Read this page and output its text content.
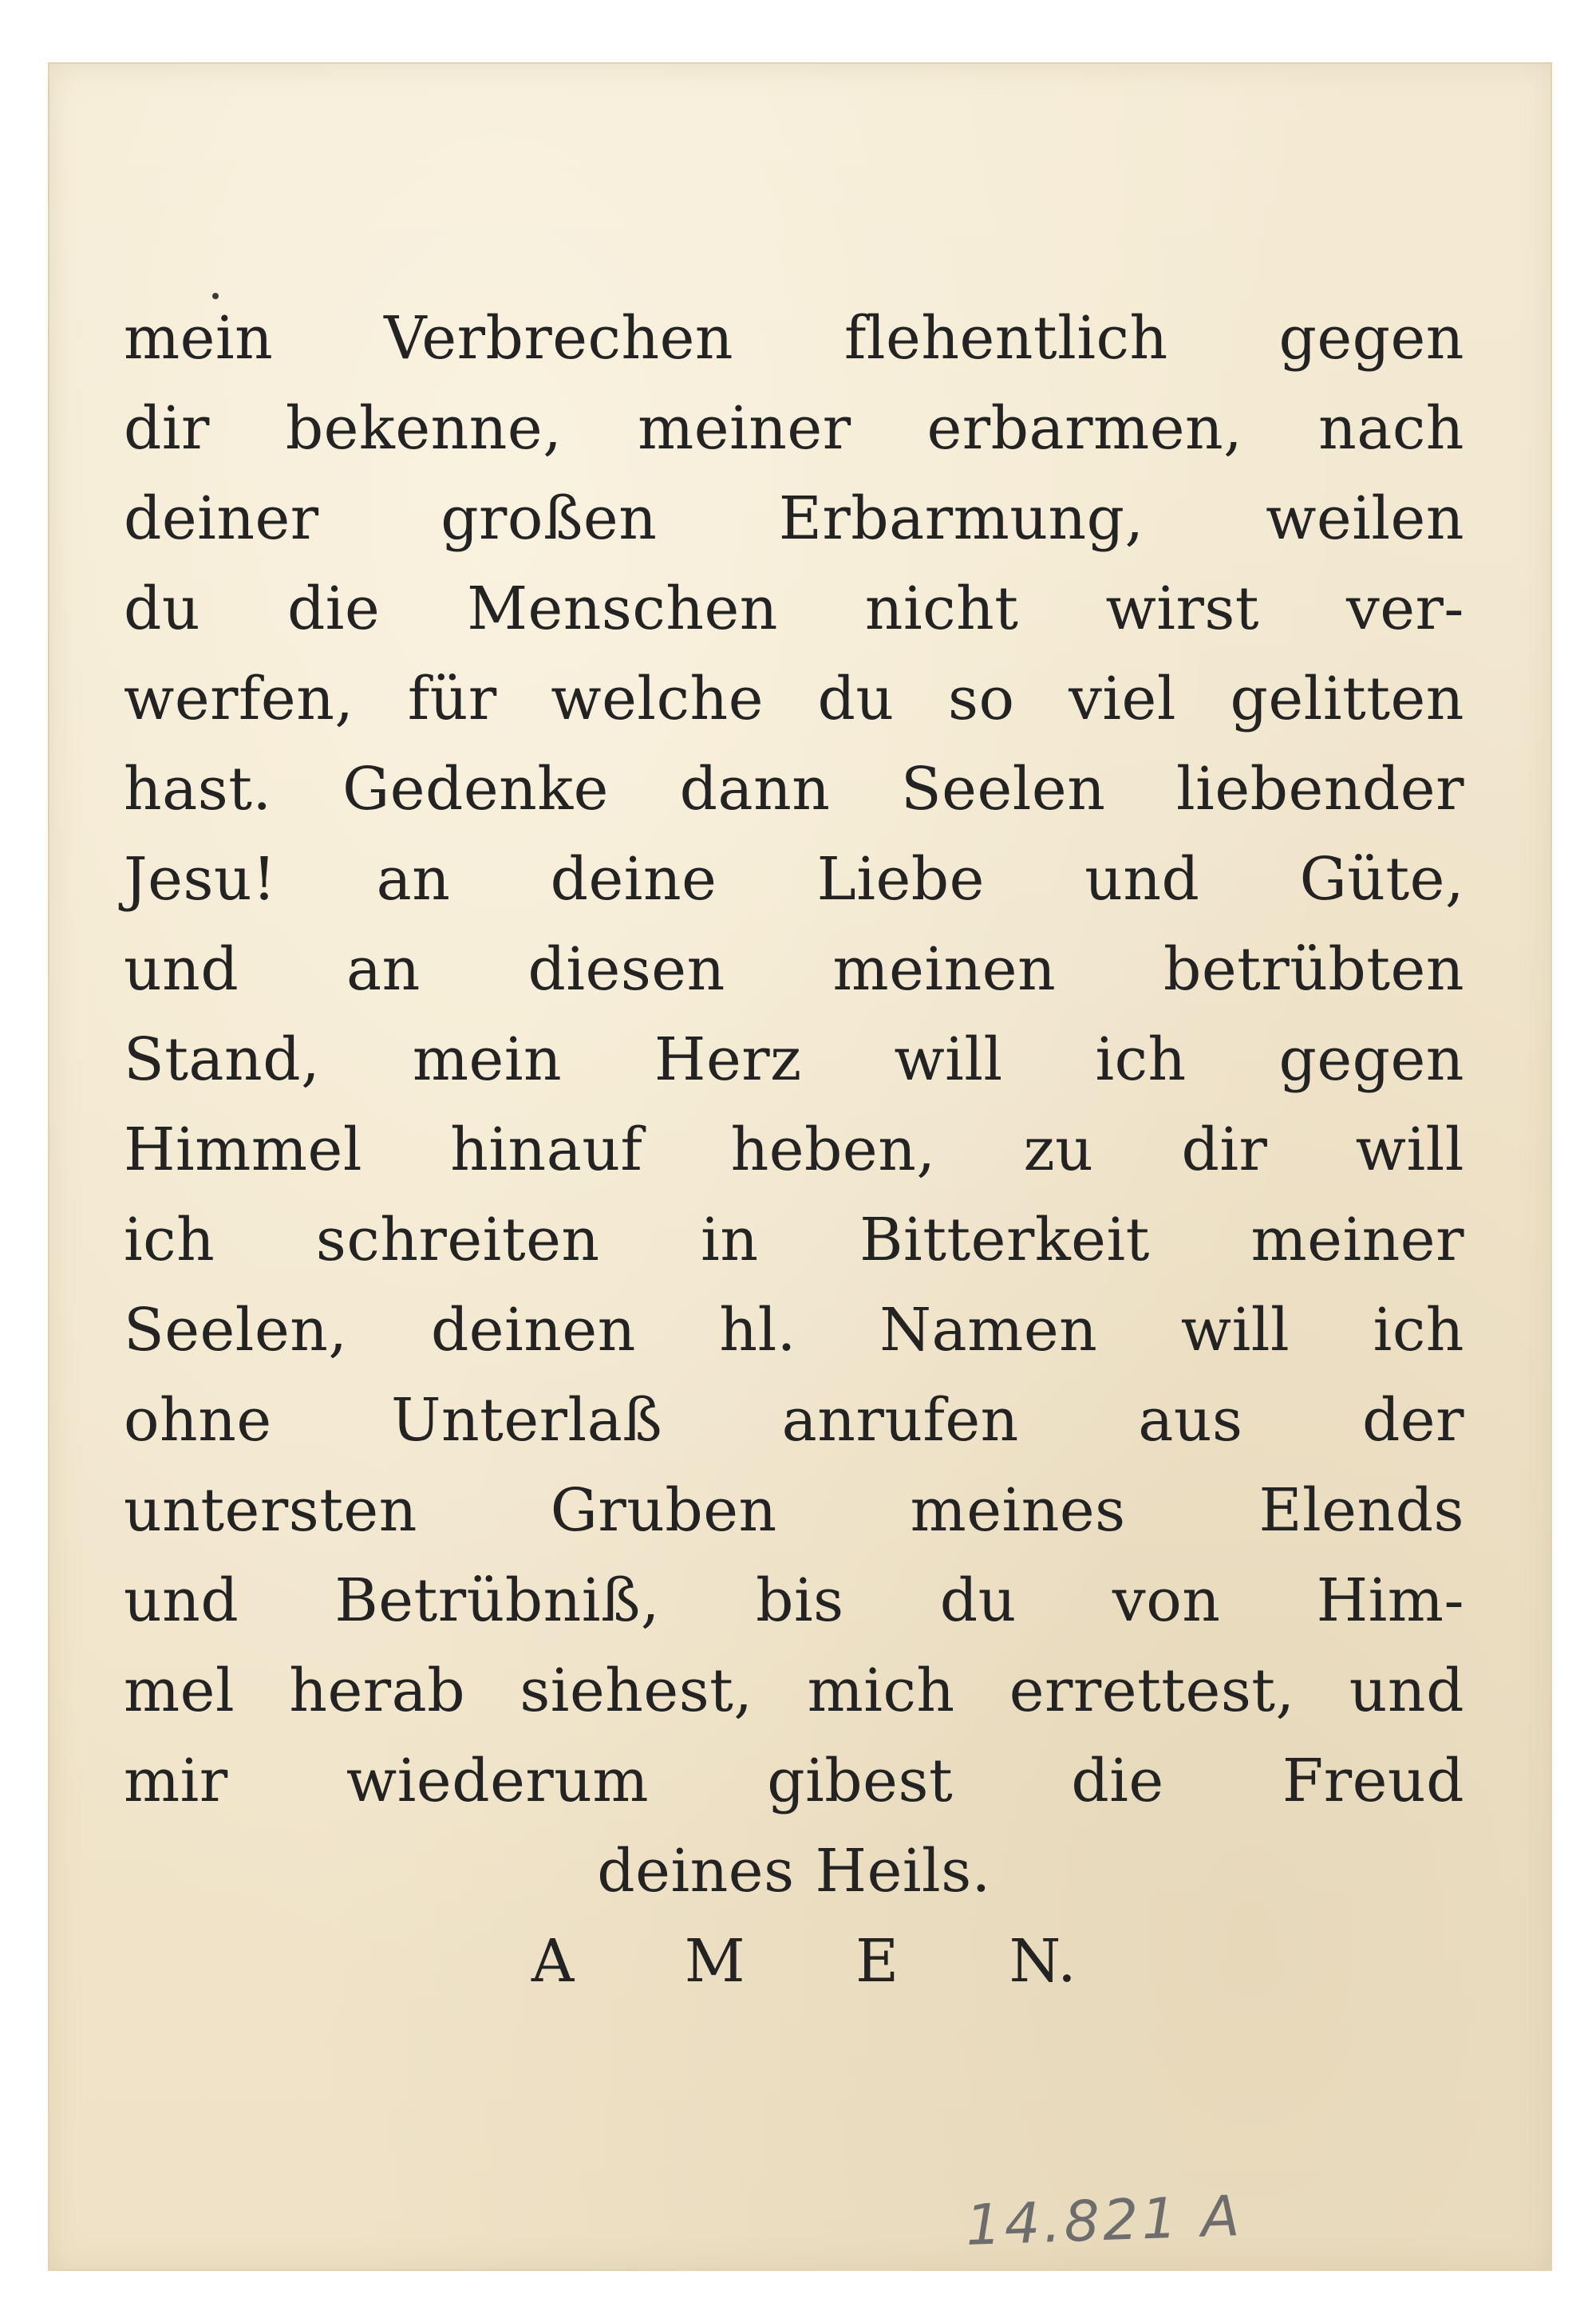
mein Verbrechen flehentlich gegen
dir bekenne, meiner erbarmen, nach
deiner großen Erbarmung, weilen
du die Menschen nicht wirst ver-
werfen, für welche du so viel gelitten
hast. Gedenke dann Seelen liebender
Jesu! an deine Liebe und Güte,
und an diesen meinen betrübten
Stand, mein Herz will ich gegen
Himmel hinauf heben, zu dir will
ich schreiten in Bitterkeit meiner
Seelen, deinen hl. Namen will ich
ohne Unterlaß anrufen aus der
untersten Gruben meines Elends
und Betrübniß, bis du von Him-
mel herab siehest, mich errettest, und
mir wiederum gibest die Freud
deines Heils.
A M E N.
14.821 A
